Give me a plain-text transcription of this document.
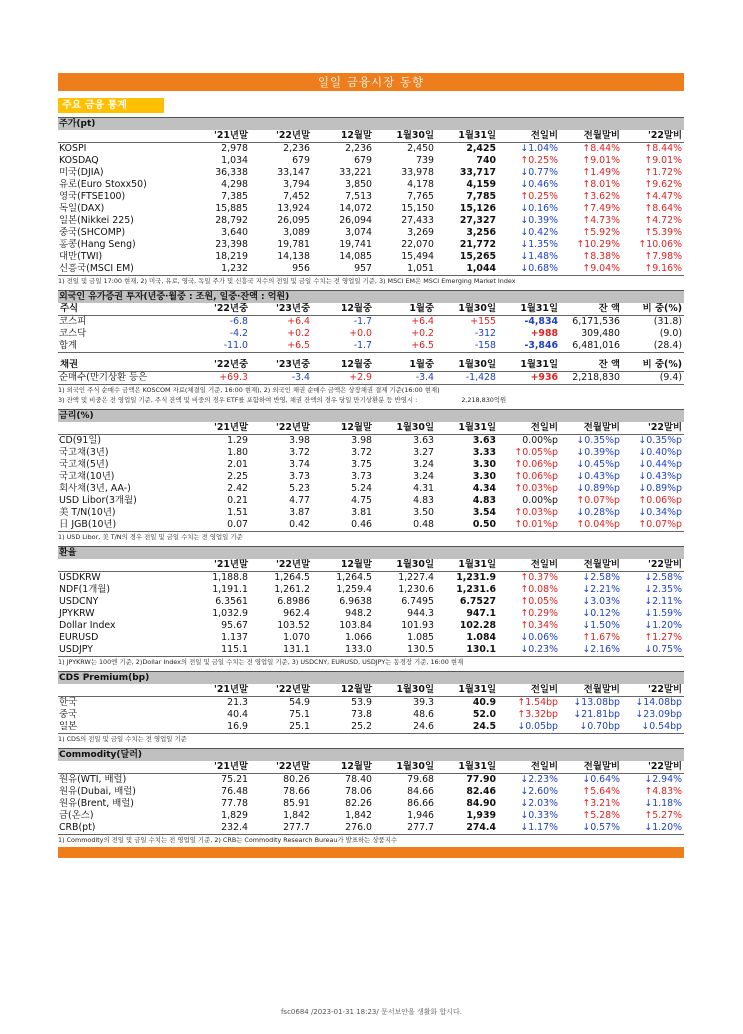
일일 금융시장 동향
주요 금융 통계
주가(pt)
	'21년말	'22년말	12월말	1월30일	1월31일	전일비	전월말비	'22말비
KOSPI	2,978	2,236	2,236	2,450	2,425	↓1.04%	↑8.44%	↑8.44%
KOSDAQ	1,034	679	679	739	740	↑0.25%	↑9.01%	↑9.01%
미국(DJIA)	36,338	33,147	33,221	33,978	33,717	↓0.77%	↑1.49%	↑1.72%
유로(Euro Stoxx50)	4,298	3,794	3,850	4,178	4,159	↓0.46%	↑8.01%	↑9.62%
영국(FTSE100)	7,385	7,452	7,513	7,765	7,785	↑0.25%	↑3.62%	↑4.47%
독일(DAX)	15,885	13,924	14,072	15,150	15,126	↓0.16%	↑7.49%	↑8.64%
일본(Nikkei 225)	28,792	26,095	26,094	27,433	27,327	↓0.39%	↑4.73%	↑4.72%
중국(SHCOMP)	3,640	3,089	3,074	3,269	3,256	↓0.42%	↑5.92%	↑5.39%
홍콩(Hang Seng)	23,398	19,781	19,741	22,070	21,772	↓1.35%	↑10.29%	↑10.06%
대만(TWI)	18,219	14,138	14,085	15,494	15,265	↓1.48%	↑8.38%	↑7.98%
신흥국(MSCI EM)	1,232	956	957	1,051	1,044	↓0.68%	↑9.04%	↑9.16%
1) 전일 및 금일 17:00 현재, 2) 미국, 유로, 영국, 독일 주가 및 신흥국 지수의 전일 및 금일 수치는 전 영업일 기준, 3) MSCI EM은 MSCI Emerging Market Index
외국인 유가증권 투자(년중·월중 : 조원, 일중·잔액 : 억원)
주식	'22년중	'23년중	12월중	1월중	1월30일	1월31일	잔 액	비 중(%)
코스피	-6.8	+6.4	-1.7	+6.4	+155	-4,834	6,171,536	(31.8)
코스닥	-4.2	+0.2	+0.0	+0.2	-312	+988	309,480	(9.0)
합계	-11.0	+6.5	-1.7	+6.5	-158	-3,846	6,481,016	(28.4)
채권	'22년중	'23년중	12월중	1월중	1월30일	1월31일	잔 액	비 중(%)
순매수(만기상환 등은	+69.3	-3.4	+2.9	-3.4	-1,428	+936	2,218,830	(9.4)
1) 외국인 주식 순매수 금액은 KOSCOM 자료(체결일 기준, 16:00 현재), 2) 외국인 채권 순매수 금액은 상장채권 결제 기준(16:00 현재)
3) 잔액 및 비중은 전 영업일 기준, 주식 잔액 및 비중의 경우 ETF를 포함하여 반영, 채권 잔액의 경우 당일 만기상환분 등 반영시 :	2,218,830억원
금리(%)
	'21년말	'22년말	12월말	1월30일	1월31일	전일비	전월말비	'22말비
CD(91일)	1.29	3.98	3.98	3.63	3.63	0.00%p	↓0.35%p	↓0.35%p
국고채(3년)	1.80	3.72	3.72	3.27	3.33	↑0.05%p	↓0.39%p	↓0.40%p
국고채(5년)	2.01	3.74	3.75	3.24	3.30	↑0.06%p	↓0.45%p	↓0.44%p
국고채(10년)	2.25	3.73	3.73	3.24	3.30	↑0.06%p	↓0.43%p	↓0.43%p
회사채(3년, AA-)	2.42	5.23	5.24	4.31	4.34	↑0.03%p	↓0.89%p	↓0.89%p
USD Libor(3개월)	0.21	4.77	4.75	4.83	4.83	0.00%p	↑0.07%p	↑0.06%p
美 T/N(10년)	1.51	3.87	3.81	3.50	3.54	↑0.03%p	↓0.28%p	↓0.34%p
日 JGB(10년)	0.07	0.42	0.46	0.48	0.50	↑0.01%p	↑0.04%p	↑0.07%p
1) USD Libor, 美 T/N의 경우 전일 및 금일 수치는 전 영업일 기준
환율
	'21년말	'22년말	12월말	1월30일	1월31일	전일비	전월말비	'22말비
USDKRW	1,188.8	1,264.5	1,264.5	1,227.4	1,231.9	↑0.37%	↓2.58%	↓2.58%
NDF(1개월)	1,191.1	1,261.2	1,259.4	1,230.6	1,231.6	↑0.08%	↓2.21%	↓2.35%
USDCNY	6.3561	6.8986	6.9638	6.7495	6.7527	↑0.05%	↓3.03%	↓2.11%
JPYKRW	1,032.9	962.4	948.2	944.3	947.1	↑0.29%	↓0.12%	↓1.59%
Dollar Index	95.67	103.52	103.84	101.93	102.28	↑0.34%	↓1.50%	↓1.20%
EURUSD	1.137	1.070	1.066	1.085	1.084	↓0.06%	↑1.67%	↑1.27%
USDJPY	115.1	131.1	133.0	130.5	130.1	↓0.23%	↓2.16%	↓0.75%
1) JPYKRW는 100엔 기준, 2)Dollar Index의 전일 및 금일 수치는 전 영업일 기준, 3) USDCNY, EURUSD, USDJPY는 동경장 기준, 16:00 현재
CDS Premium(bp)
	'21년말	'22년말	12월말	1월30일	1월31일	전일비	전월말비	'22말비
한국	21.3	54.9	53.9	39.3	40.9	↑1.54bp	↓13.08bp	↓14.08bp
중국	40.4	75.1	73.8	48.6	52.0	↑3.32bp	↓21.81bp	↓23.09bp
일본	16.9	25.1	25.2	24.6	24.5	↓0.05bp	↓0.70bp	↓0.54bp
1) CDS의 전일 및 금일 수치는 전 영업일 기준
Commodity(달러)
	'21년말	'22년말	12월말	1월30일	1월31일	전일비	전월말비	'22말비
원유(WTI, 배럴)	75.21	80.26	78.40	79.68	77.90	↓2.23%	↓0.64%	↓2.94%
원유(Dubai, 배럴)	76.48	78.66	78.06	84.66	82.46	↓2.60%	↑5.64%	↑4.83%
원유(Brent, 배럴)	77.78	85.91	82.26	86.66	84.90	↓2.03%	↑3.21%	↓1.18%
금(온스)	1,829	1,842	1,842	1,946	1,939	↓0.33%	↑5.28%	↑5.27%
CRB(pt)	232.4	277.7	276.0	277.7	274.4	↓1.17%	↓0.57%	↓1.20%
1) Commodity의 전일 및 금일 수치는 전 영업일 기준, 2) CRB는 Commodity Research Bureau가 발표하는 상품지수
fsc0684 /2023-01-31 18:23/ 문서보안을 생활화 합시다.
